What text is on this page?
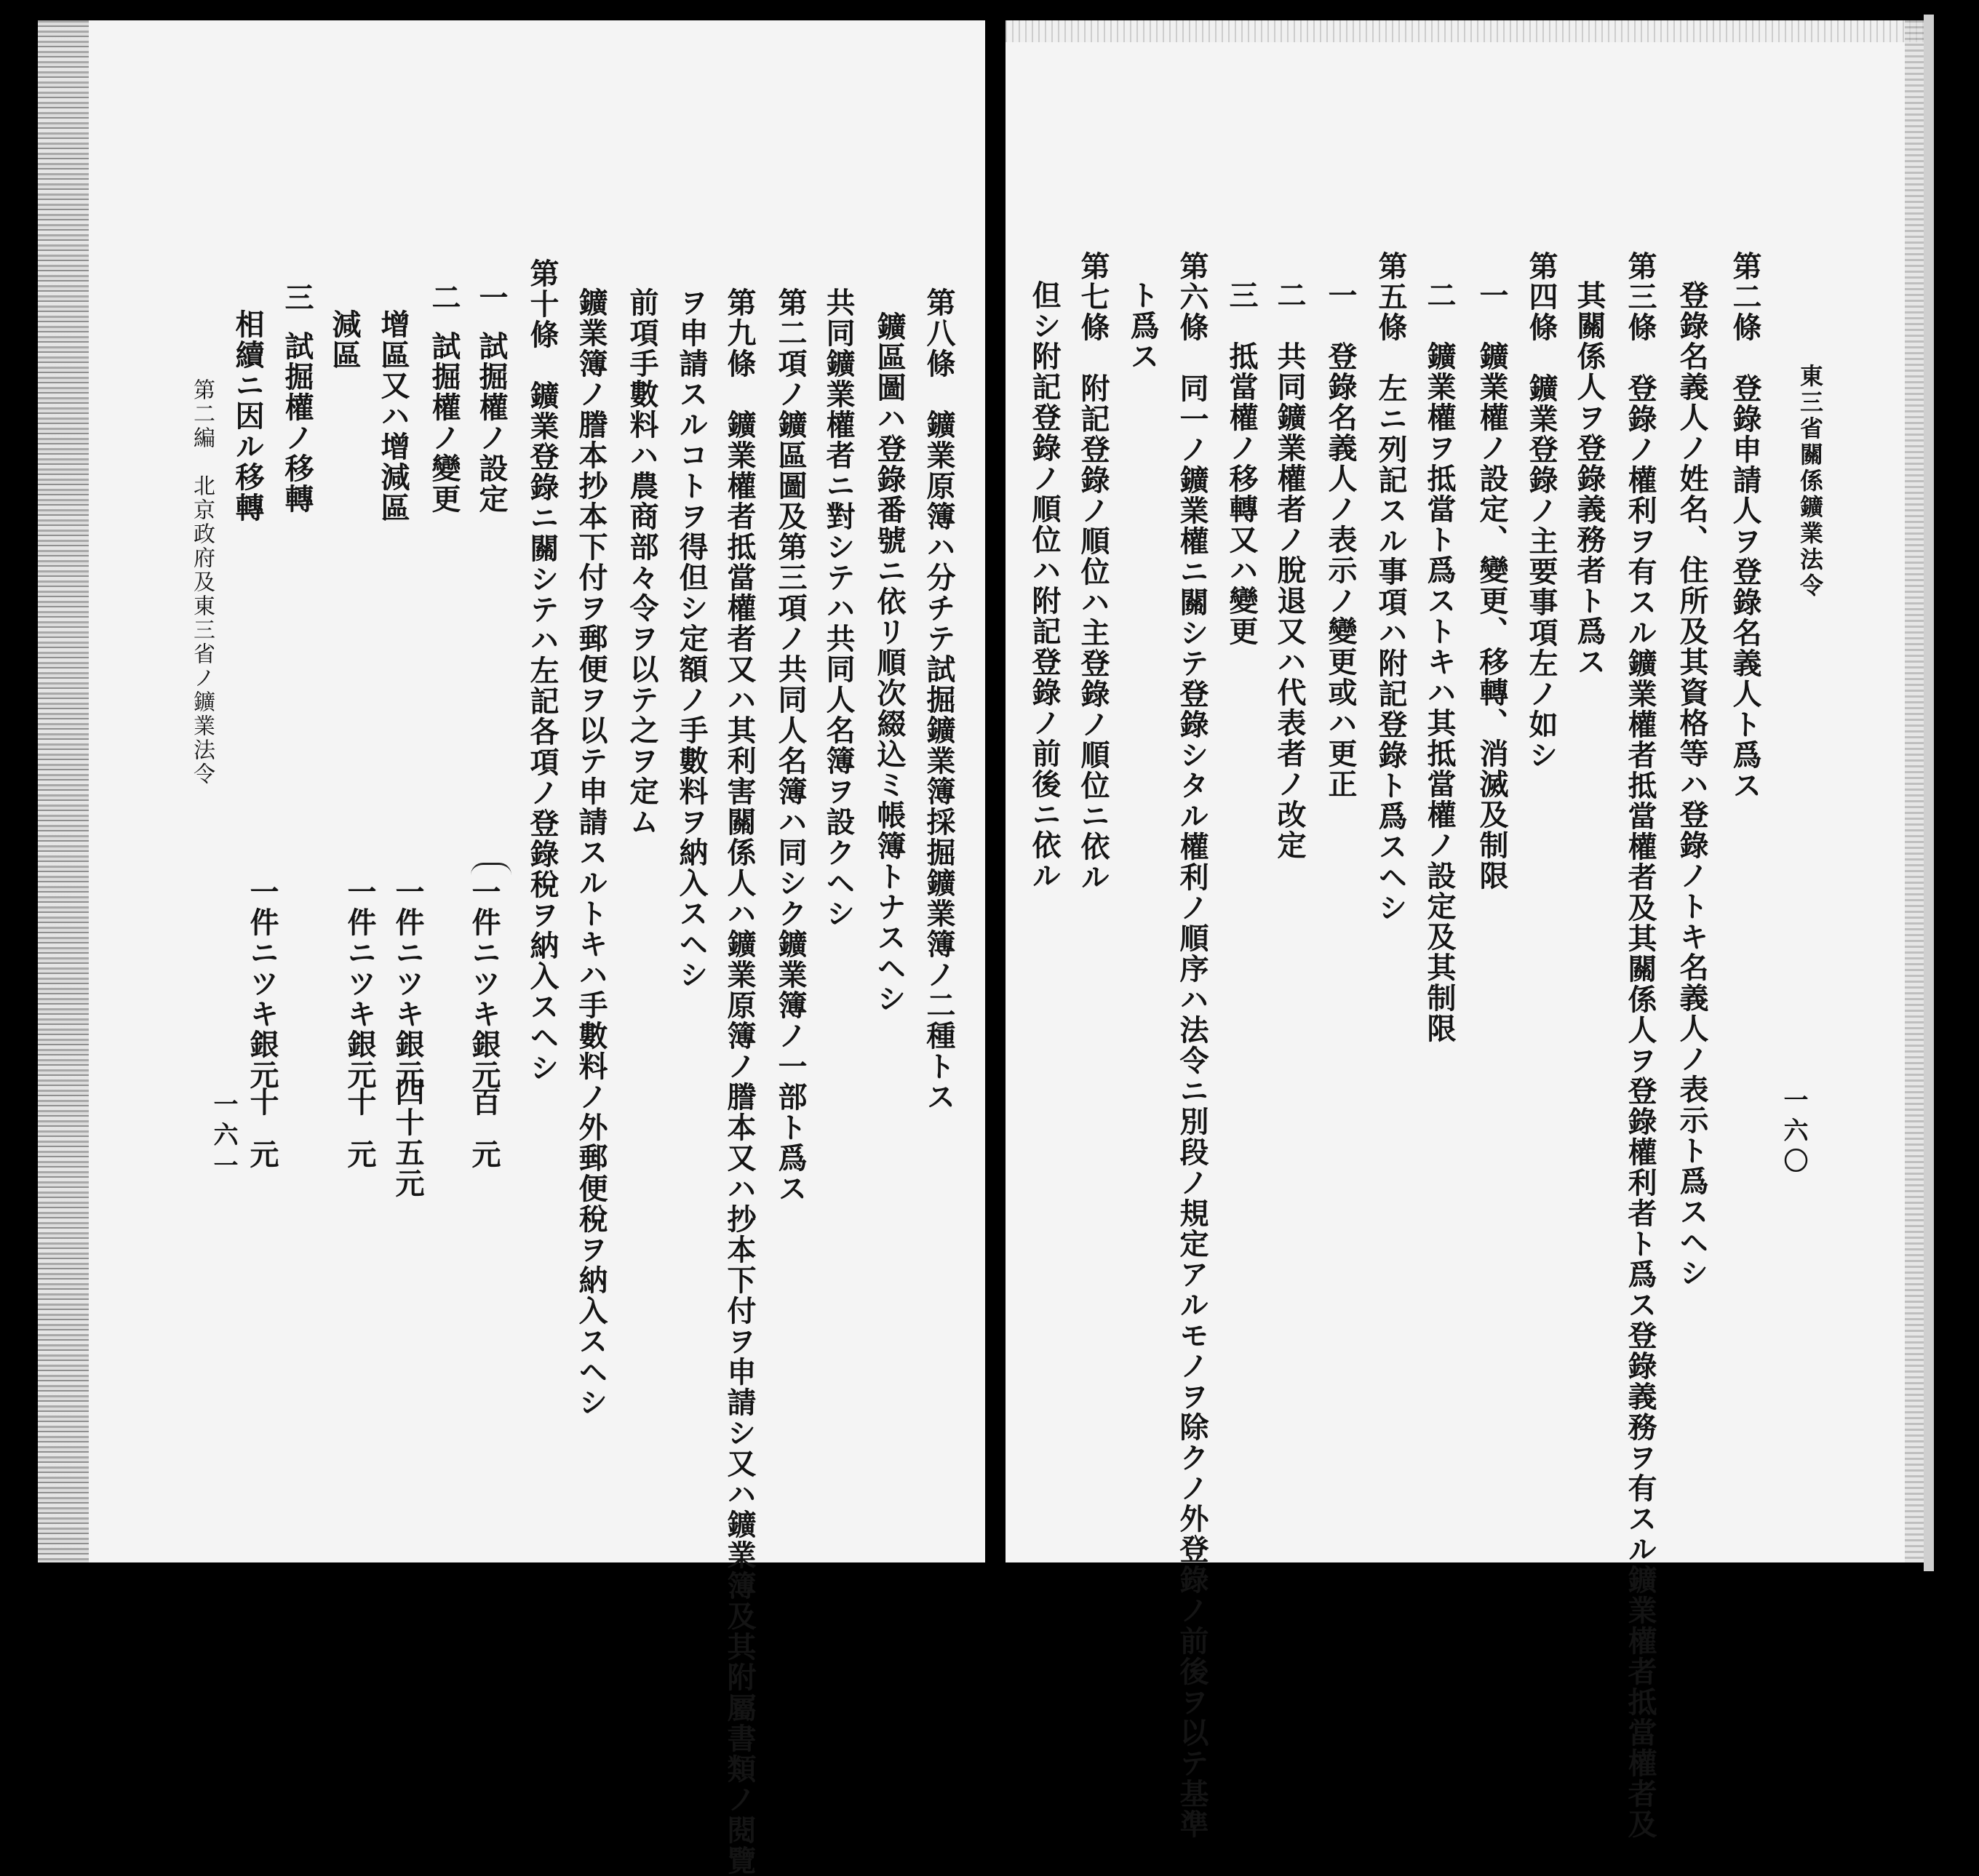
東三省關係鑛業法令
一六〇
第二條　登錄申請人ヲ登錄名義人ト爲ス
登錄名義人ノ姓名、住所及其資格等ハ登錄ノトキ名義人ノ表示ト爲スヘシ
第三條　登錄ノ權利ヲ有スル鑛業權者抵當權者及其關係人ヲ登錄權利者ト爲ス登錄義務ヲ有スル鑛業權者抵當權者及
其關係人ヲ登錄義務者ト爲ス
第四條　鑛業登錄ノ主要事項左ノ如シ
一　鑛業權ノ設定、變更、移轉、消滅及制限
二　鑛業權ヲ抵當ト爲ストキハ其抵當權ノ設定及其制限
第五條　左ニ列記スル事項ハ附記登錄ト爲スヘシ
一　登錄名義人ノ表示ノ變更或ハ更正
二　共同鑛業權者ノ脫退又ハ代表者ノ改定
三　抵當權ノ移轉又ハ變更
第六條　同一ノ鑛業權ニ關シテ登錄シタル權利ノ順序ハ法令ニ別段ノ規定アルモノヲ除クノ外登錄ノ前後ヲ以テ基準
ト爲ス
第七條　附記登錄ノ順位ハ主登錄ノ順位ニ依ル
但シ附記登錄ノ順位ハ附記登錄ノ前後ニ依ル
第八條　鑛業原簿ハ分チテ試掘鑛業簿採掘鑛業簿ノ二種トス
鑛區圖ハ登錄番號ニ依リ順次綴込ミ帳簿トナスヘシ
共同鑛業權者ニ對シテハ共同人名簿ヲ設クヘシ
第二項ノ鑛區圖及第三項ノ共同人名簿ハ同シク鑛業簿ノ一部ト爲ス
第九條　鑛業權者抵當權者又ハ其利害關係人ハ鑛業原簿ノ謄本又ハ抄本下付ヲ申請シ又ハ鑛業簿及其附屬書類ノ閱覽
ヲ申請スルコトヲ得但シ定額ノ手數料ヲ納入スヘシ
前項手數料ハ農商部々令ヲ以テ之ヲ定ム
鑛業簿ノ謄本抄本下付ヲ郵便ヲ以テ申請スルトキハ手數料ノ外郵便稅ヲ納入スヘシ
第十條　鑛業登錄ニ關シテハ左記各項ノ登錄稅ヲ納入スヘシ
一
試掘權ノ設定
二
試掘權ノ變更
增區又ハ增減區
減區
三
試掘權ノ移轉
相續ニ因ル移轉
一件ニツキ銀元
百
元
一件ニツキ銀元
四十五元
一件ニツキ銀元
十
元
一件ニツキ銀元
十
元
第二編　北京政府及東三省ノ鑛業法令
一六一
